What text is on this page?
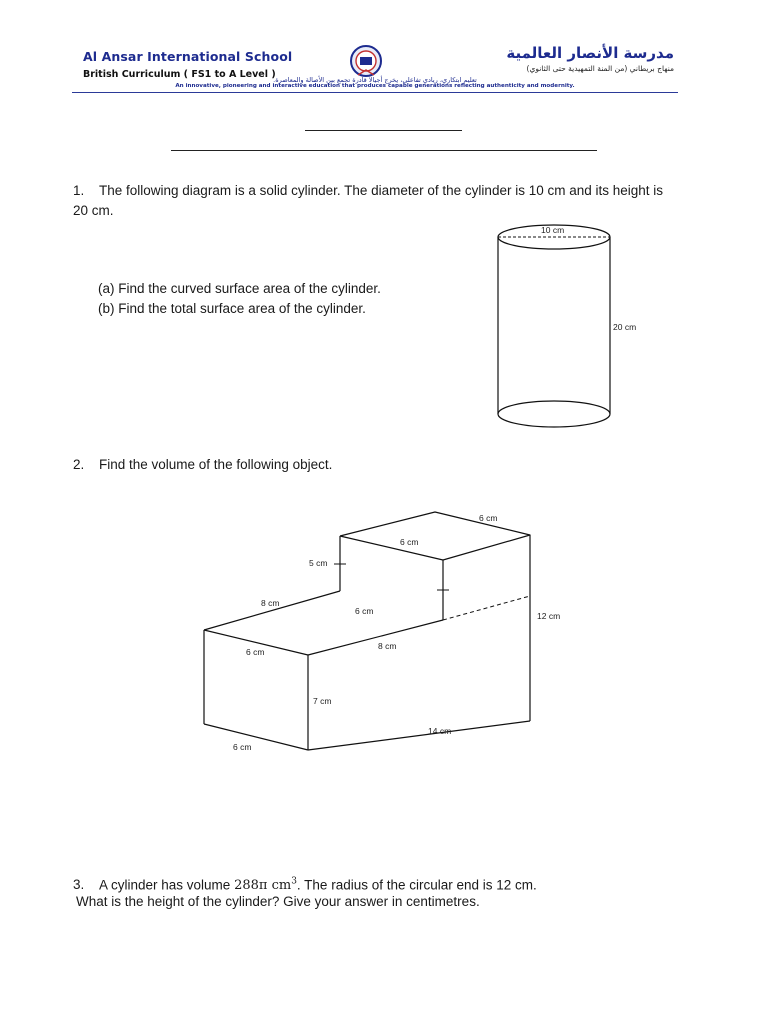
Al Ansar International School
British Curriculum ( FS1 to A Level )
مدرسة الأنصار العالمية
منهاج بريطاني (من المنة التمهيدية حتى الثانوي)
تعليم ابتكاري، ريادي تفاعلي، يخرج أجيالا قادرة تجمع بين الأصالة والمعاصرة.
An innovative, pioneering and interactive education that produces capable generations reflecting authenticity and modernity.
1. The following diagram is a solid cylinder. The diameter of the cylinder is 10 cm and its height is 20 cm.
(a) Find the curved surface area of the cylinder.
(b) Find the total surface area of the cylinder.
10 cm
20 cm
2. Find the volume of the following object.
6 cm
6 cm
5 cm
8 cm
6 cm	12 cm
6 cm
8 cm
7 cm
14 cm
6 cm
3. A cylinder has volume 288π $cm^3$. The radius of the circular end is 12 cm.
What is the height of the cylinder? Give your answer in centimetres.
